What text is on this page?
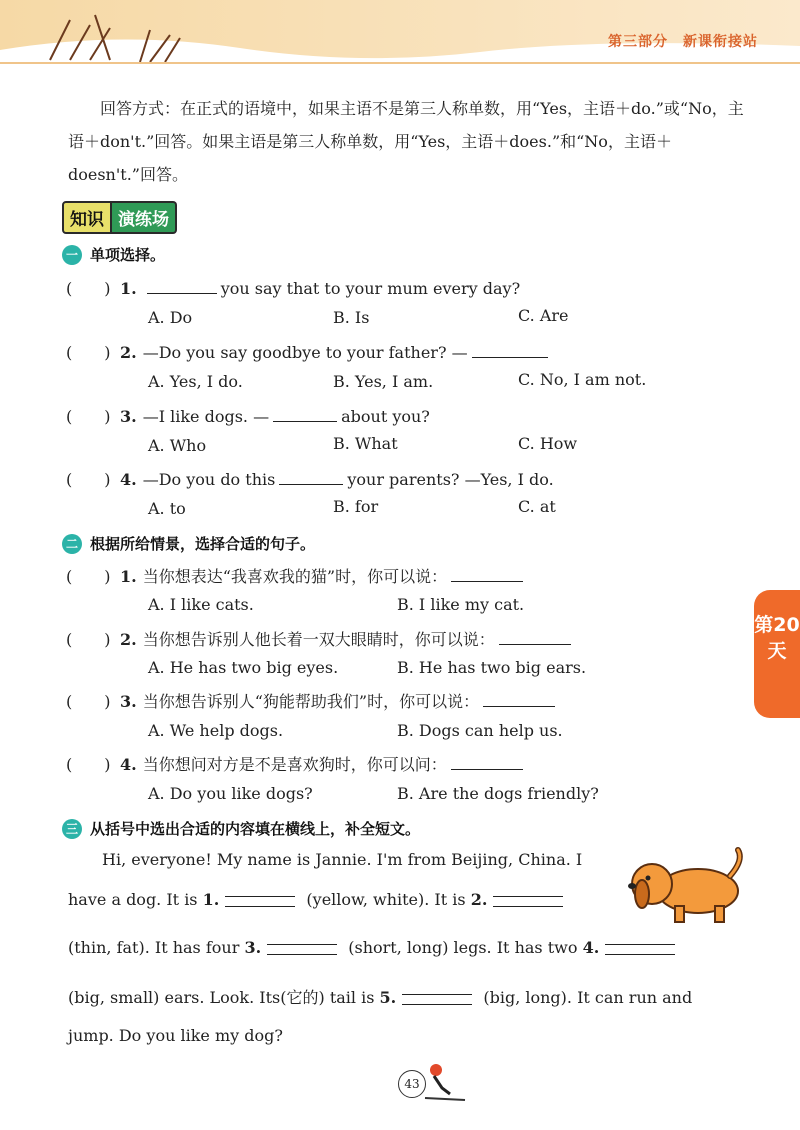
第三部分　新课衔接站
回答方式：在正式的语境中，如果主语不是第三人称单数，用“Yes，主语＋do.”或“No，主语＋don't.”回答。如果主语是第三人称单数，用“Yes，主语＋does.”和“No，主语＋doesn't.”回答。
知识 演练场
一 单项选择。
(　　 ) 1.	you say that to your mum every day?
A. Do	B. Is	C. Are
(　　 ) 2. —Do you say goodbye to your father? —
A. Yes, I do.	B. Yes, I am.	C. No, I am not.
(　　 ) 3. —I like dogs. —	about you?
A. Who	B. What	C. How
(　　 ) 4. —Do you do this	your parents? —Yes, I do.
A. to	B. for	C. at
二 根据所给情景，选择合适的句子。
(　　) 1. 当你想表达“我喜欢我的猫”时，你可以说：
A. I like cats.	B. I like my cat.
(　　) 2. 当你想告诉别人他长着一双大眼睛时，你可以说：
A. He has two big eyes.	B. He has two big ears.
(　　) 3. 当你想告诉别人“狗能帮助我们”时，你可以说：
A. We help dogs.	B. Dogs can help us.
(　　) 4. 当你想问对方是不是喜欢狗时，你可以问：
A. Do you like dogs?	B. Are the dogs friendly?
三 从括号中选出合适的内容填在横线上，补全短文。
Hi, everyone! My name is Jannie. I'm from Beijing, China. I
have a dog. It is 1.	(yellow, white). It is 2.
(thin, fat). It has four 3.	(short, long) legs. It has two 4.
(big, small) ears. Look. Its(它的) tail is 5.	(big, long). It can run and
jump. Do you like my dog?
第20天
43
